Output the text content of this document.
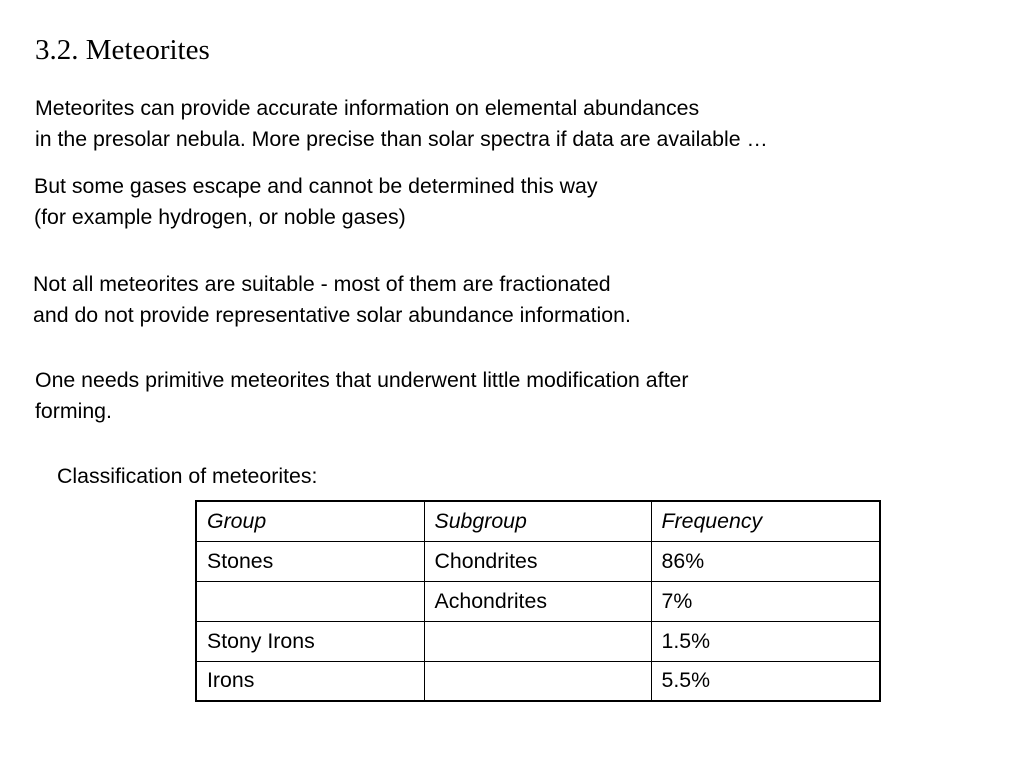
3.2. Meteorites
Meteorites can provide accurate information on elemental abundances
in the presolar nebula. More precise than solar spectra if data are available …
But some gases escape and cannot be determined this way
(for example hydrogen, or noble gases)
Not all meteorites are suitable - most of them are fractionated
and do not provide representative solar abundance information.
One needs primitive meteorites that underwent little modification after
forming.
Classification of meteorites:
Group	Subgroup	Frequency
Stones	Chondrites	86%
	Achondrites	7%
Stony Irons		1.5%
Irons		5.5%
